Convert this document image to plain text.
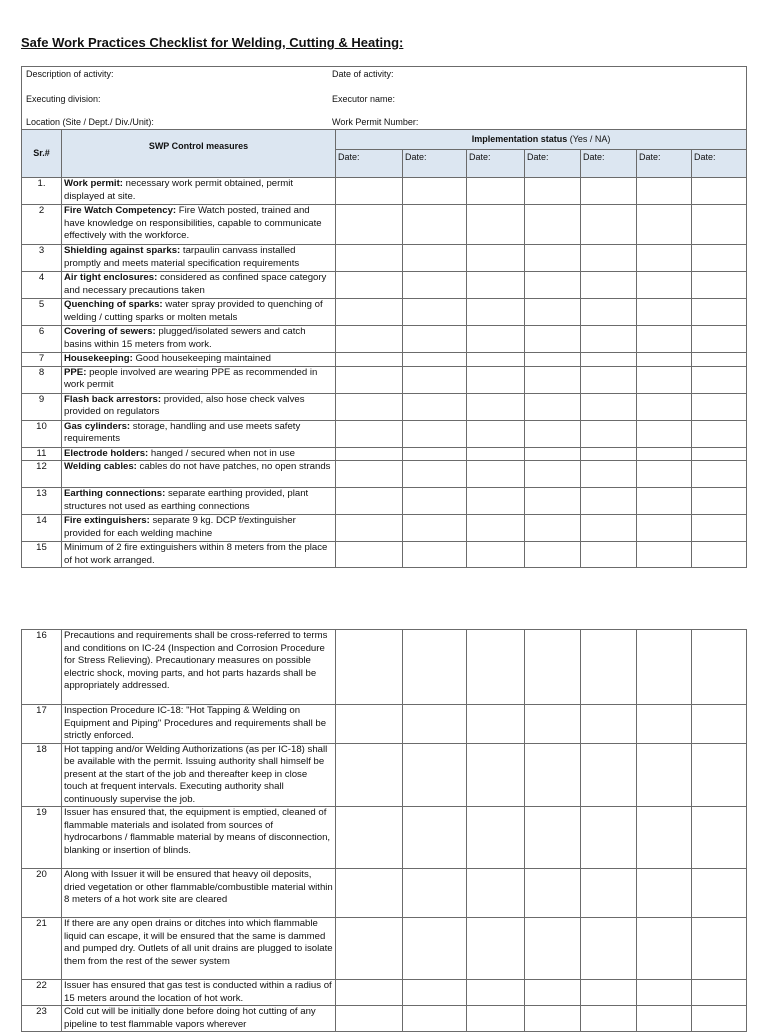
Safe Work Practices Checklist for Welding, Cutting & Heating:
Description of activity:	Date of activity:
Executing division:	Executor name:
Location (Site / Dept./ Div./Unit):	Work Permit Number:
Sr.#	SWP Control measures	Implementation status (Yes / NA)						
		Date:	Date:	Date:	Date:	Date:	Date:	Date:
1.	Work permit: necessary work permit obtained, permit displayed at site.							
2	Fire Watch Competency: Fire Watch posted, trained and have knowledge on responsibilities, capable to communicate effectively with the workforce.							
3	Shielding against sparks: tarpaulin canvass installed promptly and meets material specification requirements							
4	Air tight enclosures: considered as confined space category and necessary precautions taken							
5	Quenching of sparks: water spray provided to quenching of welding / cutting sparks or molten metals							
6	Covering of sewers: plugged/isolated sewers and catch basins within 15 meters from work.							
7	Housekeeping: Good housekeeping maintained							
8	PPE: people involved are wearing PPE as recommended in work permit							
9	Flash back arrestors: provided, also hose check valves provided on regulators							
10	Gas cylinders: storage, handling and use meets safety requirements							
11	Electrode holders: hanged / secured when not in use							
12	Welding cables: cables do not have patches, no open strands							
13	Earthing connections: separate earthing provided, plant structures not used as earthing connections							
14	Fire extinguishers: separate 9 kg. DCP f/extinguisher provided for each welding machine							
15	Minimum of 2 fire extinguishers within 8 meters from the place of hot work arranged.							
16	Precautions and requirements shall be cross-referred to terms and conditions on IC-24 (Inspection and Corrosion Procedure for Stress Relieving). Precautionary measures on possible electric shock, moving parts, and hot parts hazards shall be appropriately addressed.							
17	Inspection Procedure IC-18: "Hot Tapping & Welding on Equipment and Piping" Procedures and requirements shall be strictly enforced.							
18	Hot tapping and/or Welding Authorizations (as per IC-18) shall be available with the permit. Issuing authority shall himself be present at the start of the job and thereafter keep in close touch at frequent intervals. Executing authority shall continuously supervise the job.							
19	Issuer has ensured that, the equipment is emptied, cleaned of flammable materials and isolated from sources of hydrocarbons / flammable material by means of disconnection, blanking or insertion of blinds.							
20	Along with Issuer it will be ensured that heavy oil deposits, dried vegetation or other flammable/combustible material within 8 meters of a hot work site are cleared							
21	If there are any open drains or ditches into which flammable liquid can escape, it will be ensured that the same is dammed and pumped dry. Outlets of all unit drains are plugged to isolate them from the rest of the sewer system							
22	Issuer has ensured that gas test is conducted within a radius of 15 meters around the location of hot work.							
23	Cold cut will be initially done before doing hot cutting of any pipeline to test flammable vapors wherever							
